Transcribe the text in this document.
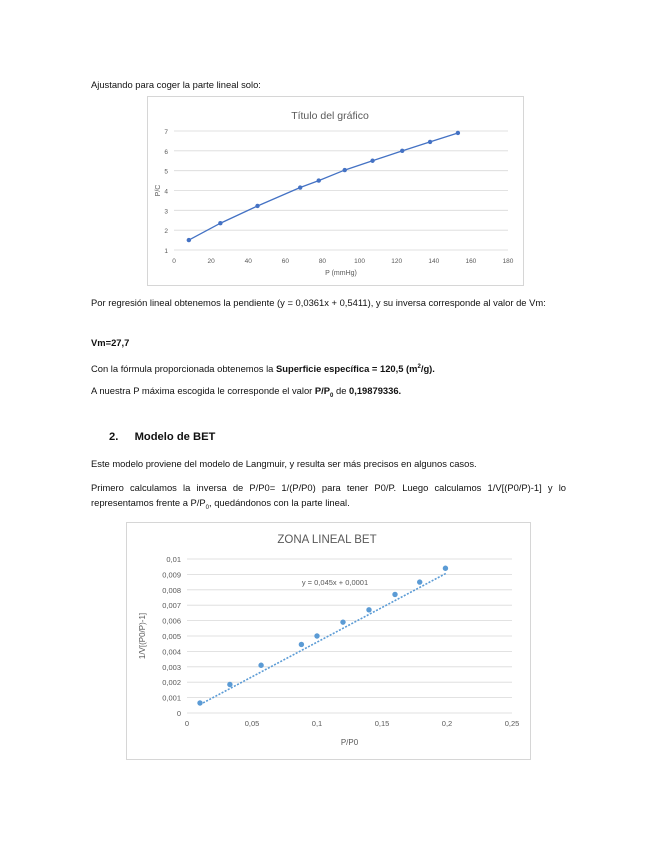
Ajustando para coger la parte lineal solo:

Título del gráfico
1
2
3
4
5
6
7
0	20	40	60	80	100	120	140	160	180
P (mmHg)
P/C

Por regresión lineal obtenemos la pendiente (y = 0,0361x + 0,5411), y su inversa corresponde al valor de Vm:

Vm=27,7

Con la fórmula proporcionada obtenemos la Superficie específica = 120,5 $(m^2/g)$.

A nuestra P máxima escogida le corresponde el valor $P/P_0$ de 0,19879336.

2. Modelo de BET

Este modelo proviene del modelo de Langmuir, y resulta ser más precisos en algunos casos.

Primero calculamos la inversa de P/P0= 1/(P/P0) para tener P0/P. Luego calculamos 1/V[(P0/P)-1] y lo representamos frente a $P/P_0$, quedándonos con la parte lineal.

ZONA LINEAL BET
0
0,001
0,002
0,003
0,004
0,005
0,006
0,007
0,008
0,009
0,01
0	0,05	0,1	0,15	0,2	0,25
P/P0
1/V[(P0/P)-1]
y = 0,045x + 0,0001
